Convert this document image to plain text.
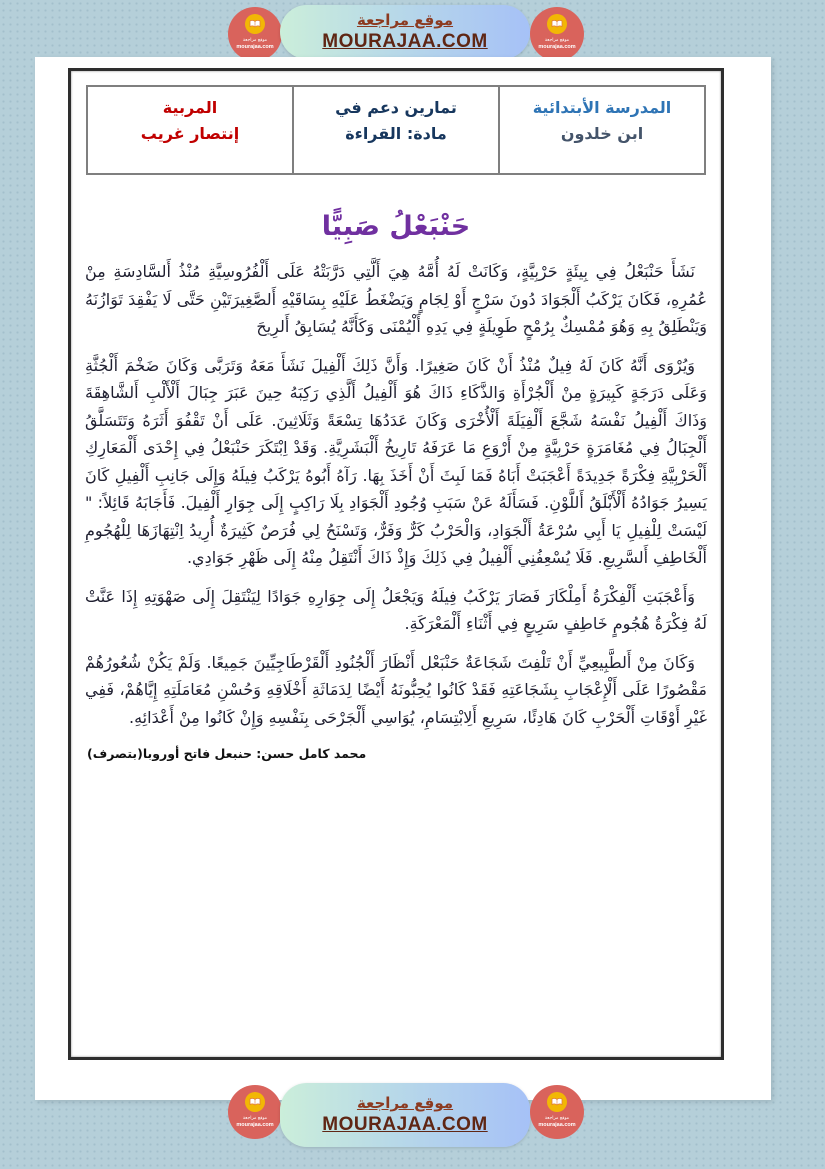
موقع مراجعة
mourajaa.com
موقع مراجعة
MOURAJAA.COM	موقع مراجعة
mourajaa.com
المدرسة الأبتدائية
ابن خلدون

تمارين دعم في
مادة: القراءة

المربية
إنتصار غريب
حَنْبَعْلُ صَبِيًّا

نَشَأَ حَنْبَعْلُ فِي بِيئَةٍ حَرْبِيَّةٍ، وَكَانَتْ لَهُ أُمَّهُ هِيَ أَلَّتِي دَرَّبَتْهُ عَلَى أَلْفُرُوسِيَّةِ مُنْذُ أَلسَّادِسَةِ مِنْ عُمُرِهِ، فَكَانَ يَرْكَبُ أَلْجَوَادَ دُونَ سَرْجٍ أَوْ لِجَامٍ وَيَضْغَطُ عَلَيْهِ بِسَاقَيْهِ أَلصَّغِيرَتَيْنِ حَتَّى لَا يَفْقِدَ تَوَازُنَهُ وَيَنْطَلِقُ بِهِ وَهُوَ مُمْسِكٌ بِرُمْحٍ طَوِيلَةٍ فِي يَدِهِ أَلْيُمْنَى وَكَأَنَّهُ يُسَابِقُ أَلرِيحَ

وَيُرْوَى أَنَّهُ كَانَ لَهُ فِيلٌ مُنْذُ أَنْ كَانَ صَغِيرًا. وَأَنَّ ذَلِكَ أَلْفِيلَ نَشَأَ مَعَهُ وَتَرَبَّى وَكَانَ ضَخْمَ أَلْجُثَّةِ وَعَلَى دَرَجَةٍ كَبِيرَةٍ مِنْ أَلْجُرْأَةِ وَالذَّكَاءِ ذَاكَ هُوَ أَلْفِيلُ أَلَّذِي رَكِبَهُ حِينَ عَبَرَ جِبَالَ أَلْأَلْبِ أَلشَّاهِقَةَ وَذَاكَ أَلْفِيلُ نَفْسَهُ شَجَّعَ أَلْفِيَلَةَ أَلْأُخْرَى وَكَانَ عَدَدُهَا تِسْعَةً وَثَلَاثِينَ. عَلَى أَنْ تَقْفُوَ أَثَرَهُ وَتَتَسَلَّقُ أَلْجِبَالُ فِي مُغَامَرَةٍ حَرْبِيَّةٍ مِنْ أَرْوَعِ مَا عَرَفَهُ تَارِيخُ أَلْبَشَرِيَّةِ. وَقَدْ اِبْتَكَرَ حَنْبَعْلُ فِي إِحْدَى أَلْمَعَارِكِ أَلْحَرْبِيَّةِ فِكْرَةً جَدِيدَةً أَعْجَبَتْ أَبَاهُ فَمَا لَبِثَ أَنْ أَخَذَ بِهَا. رَآهُ أَبُوهُ يَرْكَبُ فِيلَهُ وَإِلَى جَانِبِ أَلْفِيلِ كَانَ يَسِيرُ جَوَادُهُ أَلْأَبْلَقُ أَللَّوْنِ. فَسَأَلَهُ عَنْ سَبَبِ وُجُودِ أَلْجَوَادِ بِلَا رَاكِبٍ إِلَى جِوَارِ أَلْفِيلَ. فَأَجَابَهُ قَائِلاً: " لَيْسَتْ لِلْفِيلِ يَا أَبِي سُرْعَةُ أَلْجَوَادِ، وَالْحَرْبُ كَرٌّ وَفَرٌّ، وَتَسْنَحُ لِي فُرَصٌ كَثِيرَةٌ أُرِيدُ اِنْتِهَازَهَا لِلْهُجُومِ أَلْخَاطِفِ أَلسَّرِيعِ. فَلَا يُسْعِفُنِي أَلْفِيلُ فِي ذَلِكَ وَإِذْ ذَاكَ أَنْتَقِلُ مِنْهُ إِلَى ظَهْرِ جَوَادِي.

وَأَعْجَبَتِ أَلْفِكْرَةُ أَمِلْكَارَ فَصَارَ يَرْكَبُ فِيلَهُ وَيَجْعَلُ إِلَى جِوَارِهِ جَوَادًا لِيَنْتَقِلَ إِلَى صَهْوَتِهِ إِذَا عَنَّتْ لَهُ فِكْرَةُ هُجُومٍ خَاطِفٍ سَرِيعٍ فِي أَثْنَاءِ أَلْمَعْرَكَةِ.

وَكَانَ مِنْ أَلطَّبِيعِيِّ أَنْ تَلْفِتَ شَجَاعَةٌ حَنْبَعْل أَنْظَارَ أَلْجُنُودِ أَلْقَرْطَاجِيِّينَ جَمِيعًا. وَلَمْ يَكُنْ شُعُورُهُمْ مَقْصُورًا عَلَى أَلْإِعْجَابِ بِشَجَاعَتِهِ فَقَدْ كَانُوا يُحِبُّونَهُ أَيْضًا لِدَمَاثَةِ أَخْلَاقِهِ وَحُسْنِ مُعَامَلَتِهِ إِيَّاهُمْ، فَفِي غَيْرِ أَوْقَاتِ أَلْحَرْبِ كَانَ هَادِئًا، سَرِيعِ أَلِابْتِسَامِ، يُوَاسِي أَلْجَرْحَى بِنَفْسِهِ وَإِنْ كَانُوا مِنْ أَعْدَائِهِ.

محمد كامل حسن: حنبعل فاتح أوروبا(بتصرف)
موقع مراجعة
mourajaa.com
موقع مراجعة
MOURAJAA.COM	موقع مراجعة
mourajaa.com
